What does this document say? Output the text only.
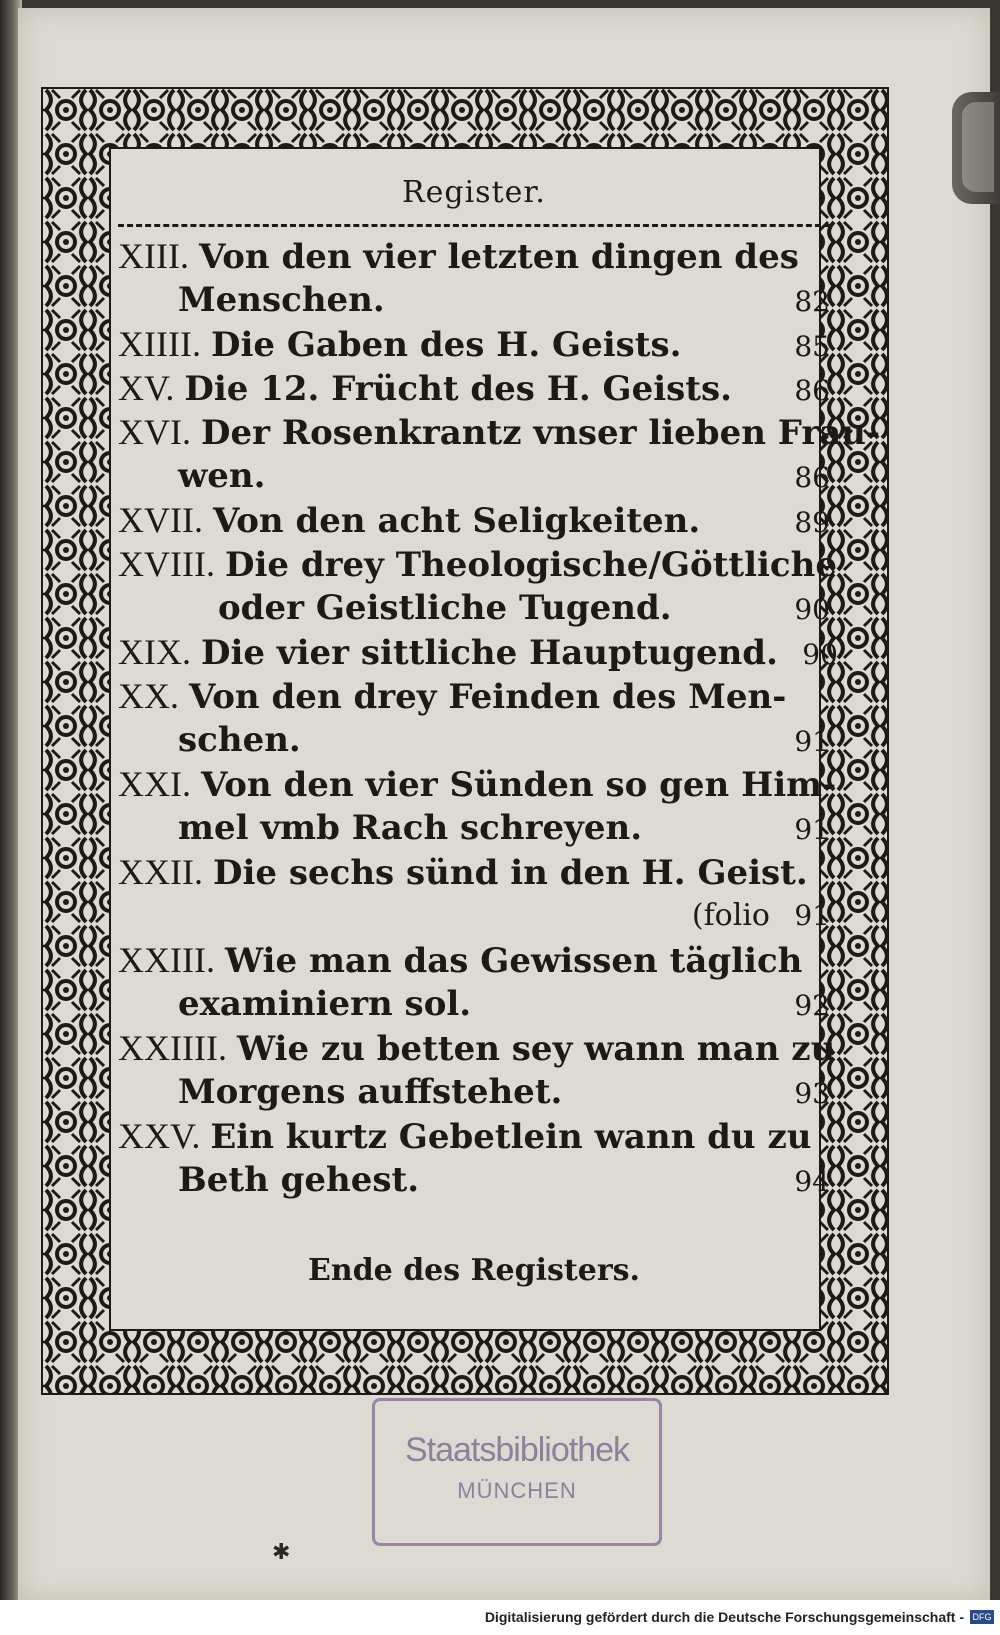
Register.
XIII. Von den vier letzten dingen des
Menschen.	82
XIIII. Die Gaben des H. Geists.	85
XV. Die 12. Frücht des H. Geists.	86
XVI. Der Rosenkrantz vnser lieben Frau-
wen.	86
XVII. Von den acht Seligkeiten.	89
XVIII. Die drey Theologische/Göttliche
oder Geistliche Tugend.	90
XIX. Die vier sittliche Hauptugend. 90
XX. Von den drey Feinden des Men-
schen.	91
XXI. Von den vier Sünden so gen Him-
mel vmb Rach schreyen.	91
XXII. Die sechs sünd in den H. Geist.
(folio 91
XXIII. Wie man das Gewissen täglich
examiniern sol.	92
XXIIII. Wie zu betten sey wann man zu
Morgens auffstehet.	93
XXV. Ein kurtz Gebetlein wann du zu
Beth gehest.	94
Ende des Registers.
Staatsbibliothek
MÜNCHEN
✱
Digitalisierung gefördert durch die Deutsche Forschungsgemeinschaft - DFG
